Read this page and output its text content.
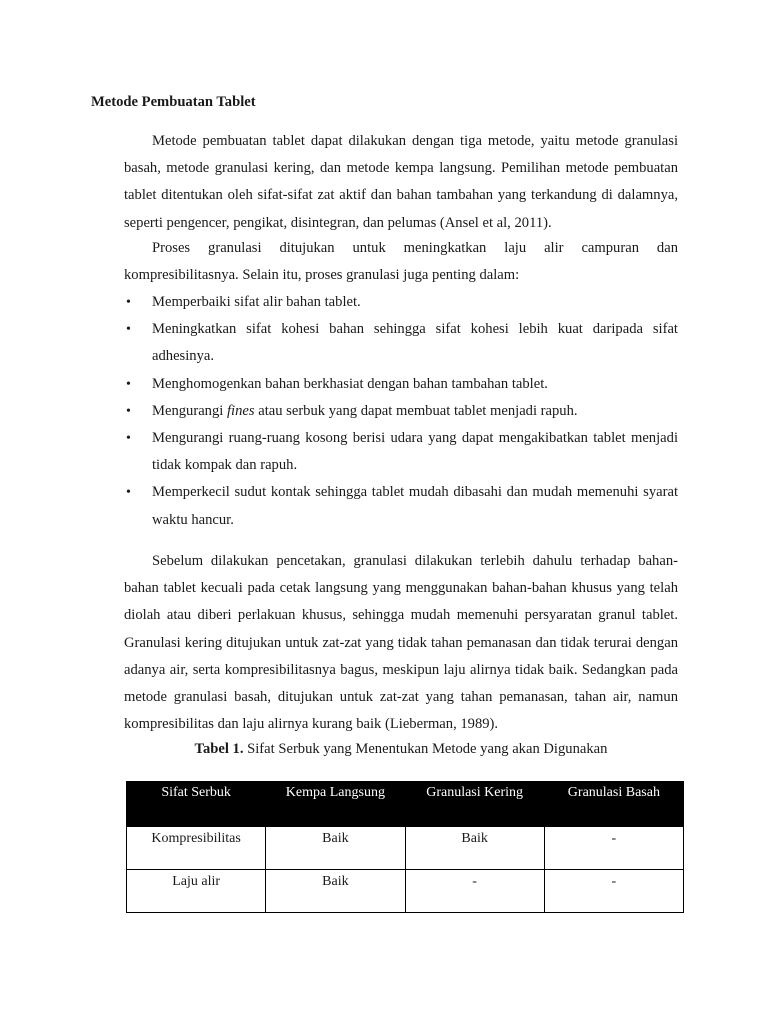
Metode Pembuatan Tablet

Metode pembuatan tablet dapat dilakukan dengan tiga metode, yaitu metode granulasi basah, metode granulasi kering, dan metode kempa langsung. Pemilihan metode pembuatan tablet ditentukan oleh sifat-sifat zat aktif dan bahan tambahan yang terkandung di dalamnya, seperti pengencer, pengikat, disintegran, dan pelumas (Ansel et al, 2011).

Proses granulasi ditujukan untuk meningkatkan laju alir campuran dan kompresibilitasnya. Selain itu, proses granulasi juga penting dalam:

• Memperbaiki sifat alir bahan tablet.
• Meningkatkan sifat kohesi bahan sehingga sifat kohesi lebih kuat daripada sifat adhesinya.
• Menghomogenkan bahan berkhasiat dengan bahan tambahan tablet.
• Mengurangi fines atau serbuk yang dapat membuat tablet menjadi rapuh.
• Mengurangi ruang-ruang kosong berisi udara yang dapat mengakibatkan tablet menjadi tidak kompak dan rapuh.
• Memperkecil sudut kontak sehingga tablet mudah dibasahi dan mudah memenuhi syarat waktu hancur.

Sebelum dilakukan pencetakan, granulasi dilakukan terlebih dahulu terhadap bahan-bahan tablet kecuali pada cetak langsung yang menggunakan bahan-bahan khusus yang telah diolah atau diberi perlakuan khusus, sehingga mudah memenuhi persyaratan granul tablet. Granulasi kering ditujukan untuk zat-zat yang tidak tahan pemanasan dan tidak terurai dengan adanya air, serta kompresibilitasnya bagus, meskipun laju alirnya tidak baik. Sedangkan pada metode granulasi basah, ditujukan untuk zat-zat yang tahan pemanasan, tahan air, namun kompresibilitas dan laju alirnya kurang baik (Lieberman, 1989).

Tabel 1. Sifat Serbuk yang Menentukan Metode yang akan Digunakan
Sifat Serbuk	Kempa Langsung	Granulasi Kering	Granulasi Basah
Kompresibilitas	Baik	Baik	-
Laju alir	Baik	-	-
